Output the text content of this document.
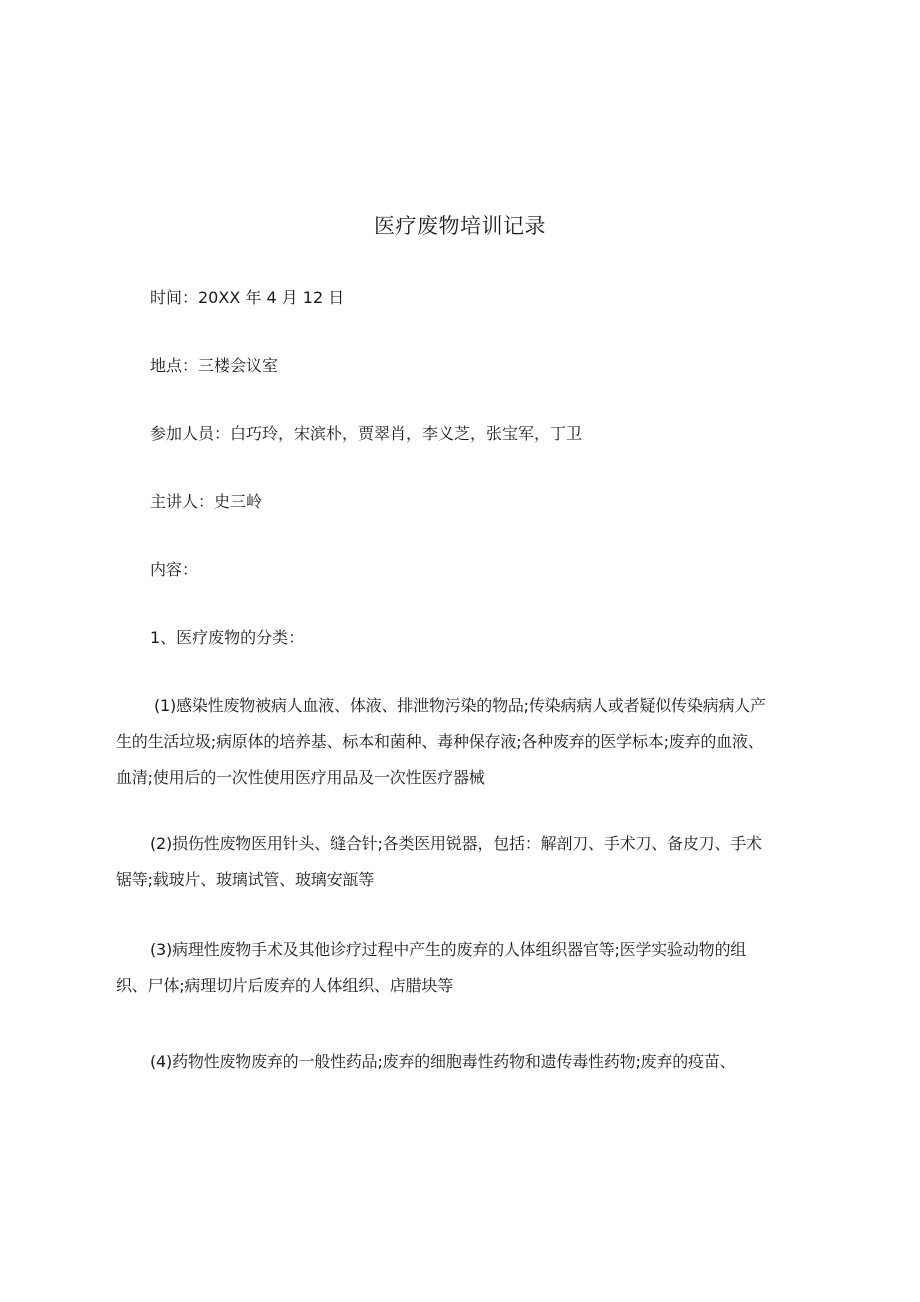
医疗废物培训记录
时间：20XX 年 4 月 12 日
地点：三楼会议室
参加人员：白巧玲，宋滨朴，贾翠肖，李义芝，张宝军，丁卫
主讲人：史三岭
内容：
1、医疗废物的分类：
(1)感染性废物被病人血液、体液、排泄物污染的物品;传染病病人或者疑似传染病病人产
生的生活垃圾;病原体的培养基、标本和菌种、毒种保存液;各种废弃的医学标本;废弃的血液、
血清;使用后的一次性使用医疗用品及一次性医疗器械
(2)损伤性废物医用针头、缝合针;各类医用锐器，包括：解剖刀、手术刀、备皮刀、手术
锯等;载玻片、玻璃试管、玻璃安瓿等
(3)病理性废物手术及其他诊疗过程中产生的废弃的人体组织器官等;医学实验动物的组
织、尸体;病理切片后废弃的人体组织、店腊块等
(4)药物性废物废弃的一般性药品;废弃的细胞毒性药物和遗传毒性药物;废弃的疫苗、
